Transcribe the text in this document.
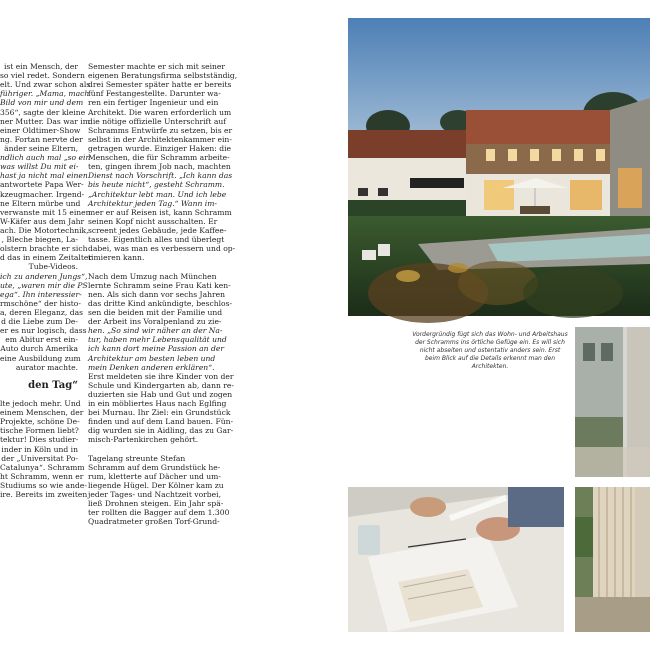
ist ein Mensch, der
so viel redet. Sondern
elt. Und zwar schon als
führiger. „Mama, mach
Bild von mir und dem
356“, sagte der kleine
ner Mutter. Das war im
einer Oldtimer-Show
ng. Fortan nervte der
änder seine Eltern,
ndlich auch mal „so ein
was willst Du mit ei-
hast ja nicht mal einen
antwortete Papa Wer-
kzeugmacher. Irgend-
ne Eltern mürbe und
verwanste mit 15 einen
W-Käfer aus dem Jahr
ach. Die Motortechnik,
, Bleche biegen, La-
olstern brachte er sich
d das in einem Zeitalter
Tube-Videos.
ich zu anderen Jungs“,
ute, „waren mir die PS
ega“. Ihn interessier-
rmschöne“ der histo-
a, deren Eleganz, das
d die Liebe zum De-
er es nur logisch, dass
em Abitur erst ein-
Auto durch Amerika
eine Ausbildung zum
aurator machte.
den Tag“
lte jedoch mehr. Und
einem Menschen, der
Projekte, schöne De-
tische Formen liebt?
tektur! Dies studier-
inder in Köln und in
der „Universitat Po-
Catalunya“. Schramm
ht Schramm, wenn er
Studiums so wie ande-
ire. Bereits im zweiten
Semester machte er sich mit seiner
eigenen Beratungsfirma selbstständig,
drei Semester später hatte er bereits
fünf Festangestellte. Darunter wa-
ren ein fertiger Ingenieur und ein
Architekt. Die waren erforderlich um
die nötige offizielle Unterschrift auf
Schramms Entwürfe zu setzen, bis er
selbst in der Architektenkammer ein-
getragen wurde. Einziger Haken: die
Menschen, die für Schramm arbeite-
ten, gingen ihrem Job nach, machten
Dienst nach Vorschrift. „Ich kann das
bis heute nicht“, gesteht Schramm.
„Architektur lebt man. Und ich lebe
Architektur jeden Tag.“ Wann im-
mer er auf Reisen ist, kann Schramm
seinen Kopf nicht ausschalten. Er
screent jedes Gebäude, jede Kaffee-
tasse. Eigentlich alles und überlegt
dabei, was man es verbessern und op-
timieren kann.
Nach dem Umzug nach München
lernte Schramm seine Frau Kati ken-
nen. Als sich dann vor sechs Jahren
das dritte Kind ankündigte, beschlos-
sen die beiden mit der Familie und
der Arbeit ins Voralpenland zu zie-
hen. „So sind wir näher an der Na-
tur, haben mehr Lebensqualität und
ich kann dort meine Passion an der
Architektur am besten leben und
mein Denken anderen erklären“.
Erst meldeten sie ihre Kinder von der
Schule und Kindergarten ab, dann re-
duzierten sie Hab und Gut und zogen
in ein möbliertes Haus nach Eglfing
bei Murnau. Ihr Ziel: ein Grundstück
finden und auf dem Land bauen. Fün-
dig wurden sie in Aidling, das zu Gar-
misch-Partenkirchen gehört.
Tagelang streunte Stefan
Schramm auf dem Grundstück he-
rum, kletterte auf Dächer und um-
liegende Hügel. Der Kölner kam zu
jeder Tages- und Nachtzeit vorbei,
ließ Drohnen steigen. Ein Jahr spä-
ter rollten die Bagger auf dem 1.300
Quadratmeter großen Torf-Grund-
Vordergründig fügt sich das Wohn- und Arbeitshaus der Schramms ins örtliche Gefüge ein. Es will sich nicht abseiten und ostentativ anders sein. Erst beim Blick auf die Details erkennt man den Architekten.
